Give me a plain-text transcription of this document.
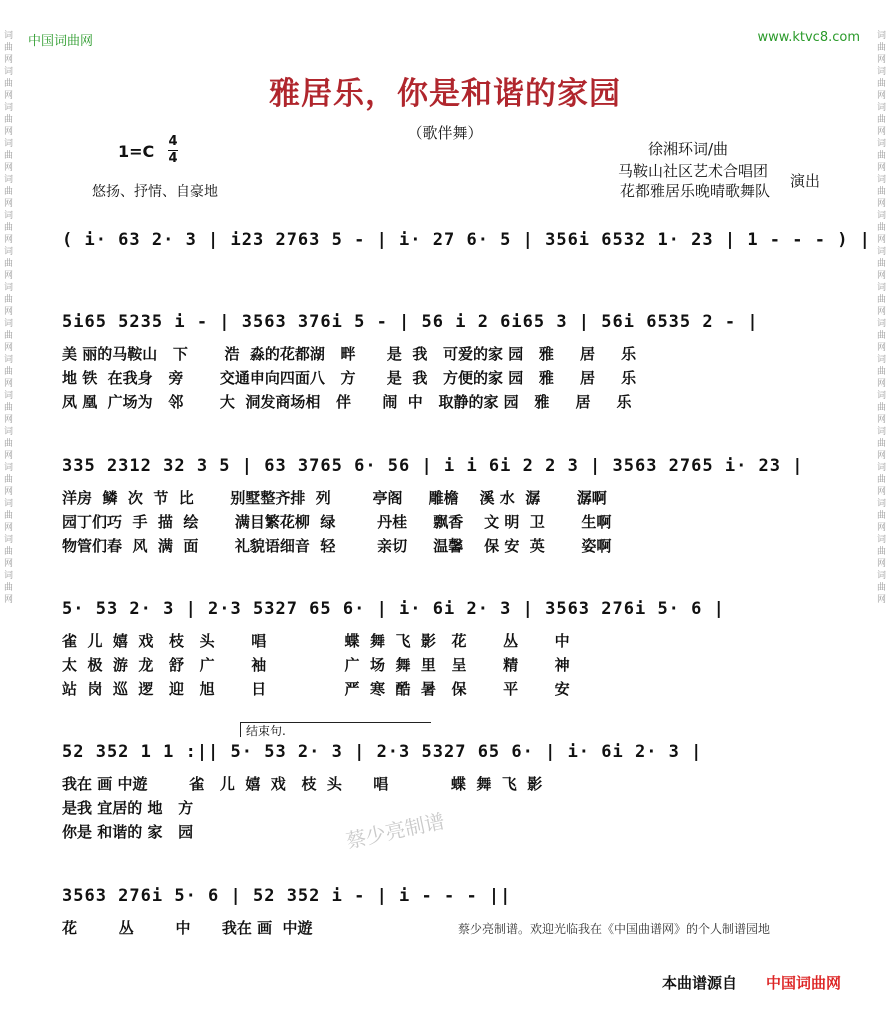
词曲网词曲网词曲网词曲网词曲网词曲网词曲网词曲网词曲网词曲网词曲网词曲网词曲网词曲网词曲网词曲网
词曲网词曲网词曲网词曲网词曲网词曲网词曲网词曲网词曲网词曲网词曲网词曲网词曲网词曲网词曲网词曲网
中国词曲网	www.ktvc8.com
雅居乐，你是和谐的家园
（歌伴舞）
1=C
4
4
悠扬、抒情、自豪地
徐湘环词/曲
马鞍山社区艺术合唱团
花都雅居乐晚晴歌舞队
演出
( i· 63 2· 3 | i23 2763 5 - | i· 27 6· 5 | 356i 6532 1· 23 | 1 - - - ) |
5i65 5235 i - | 3563 376i 5 - | 56 i 2 6i65 3 | 56i 6535 2 - |
美 丽的马鞍山   下       浩  淼的花都湖   畔      是  我   可爱的家 园   雅     居     乐
地 铁  在我身   旁       交通申向四面八   方      是  我   方便的家 园   雅     居     乐
凤 凰  广场为   邻       大  洞发商场相   伴      闹  中   取静的家 园   雅     居     乐
335 2312 32 3 5 | 63 3765 6· 56 | i i 6i 2 2 3 | 3563 2765 i· 23 |
洋房  鳞  次  节  比       别墅整齐排  列        亭阁     雕檐    溪 水  潺       潺啊
园丁们巧  手  描  绘       满目繁花柳  绿        丹桂     飘香    文 明  卫       生啊
物管们春  风  满  面       礼貌语细音  轻        亲切     温馨    保 安  英       姿啊
5· 53 2· 3 | 2·3 5327 65 6· | i· 6i 2· 3 | 3563 276i 5· 6 |
雀  儿  嬉  戏   枝   头       唱               蝶  舞  飞  影   花       丛       中
太  极  游  龙   舒   广       袖               广  场  舞  里   呈       精       神
站  岗  巡  逻   迎   旭       日               严  寒  酷  暑   保       平       安
结束句.
52 352 1 1 :|| 5· 53 2· 3 | 2·3 5327 65 6· | i· 6i 2· 3 |
我在 画 中遊        雀   儿  嬉  戏   枝  头      唱            蝶  舞  飞  影
是我 宜居的 地   方
你是 和谐的 家   园
3563 276i 5· 6 | 52 352 i - | i - - - ||
花        丛        中      我在 画  中遊
蔡少亮制谱
蔡少亮制谱。欢迎光临我在《中国曲谱网》的个人制谱园地
本曲谱源自 中国词曲网
